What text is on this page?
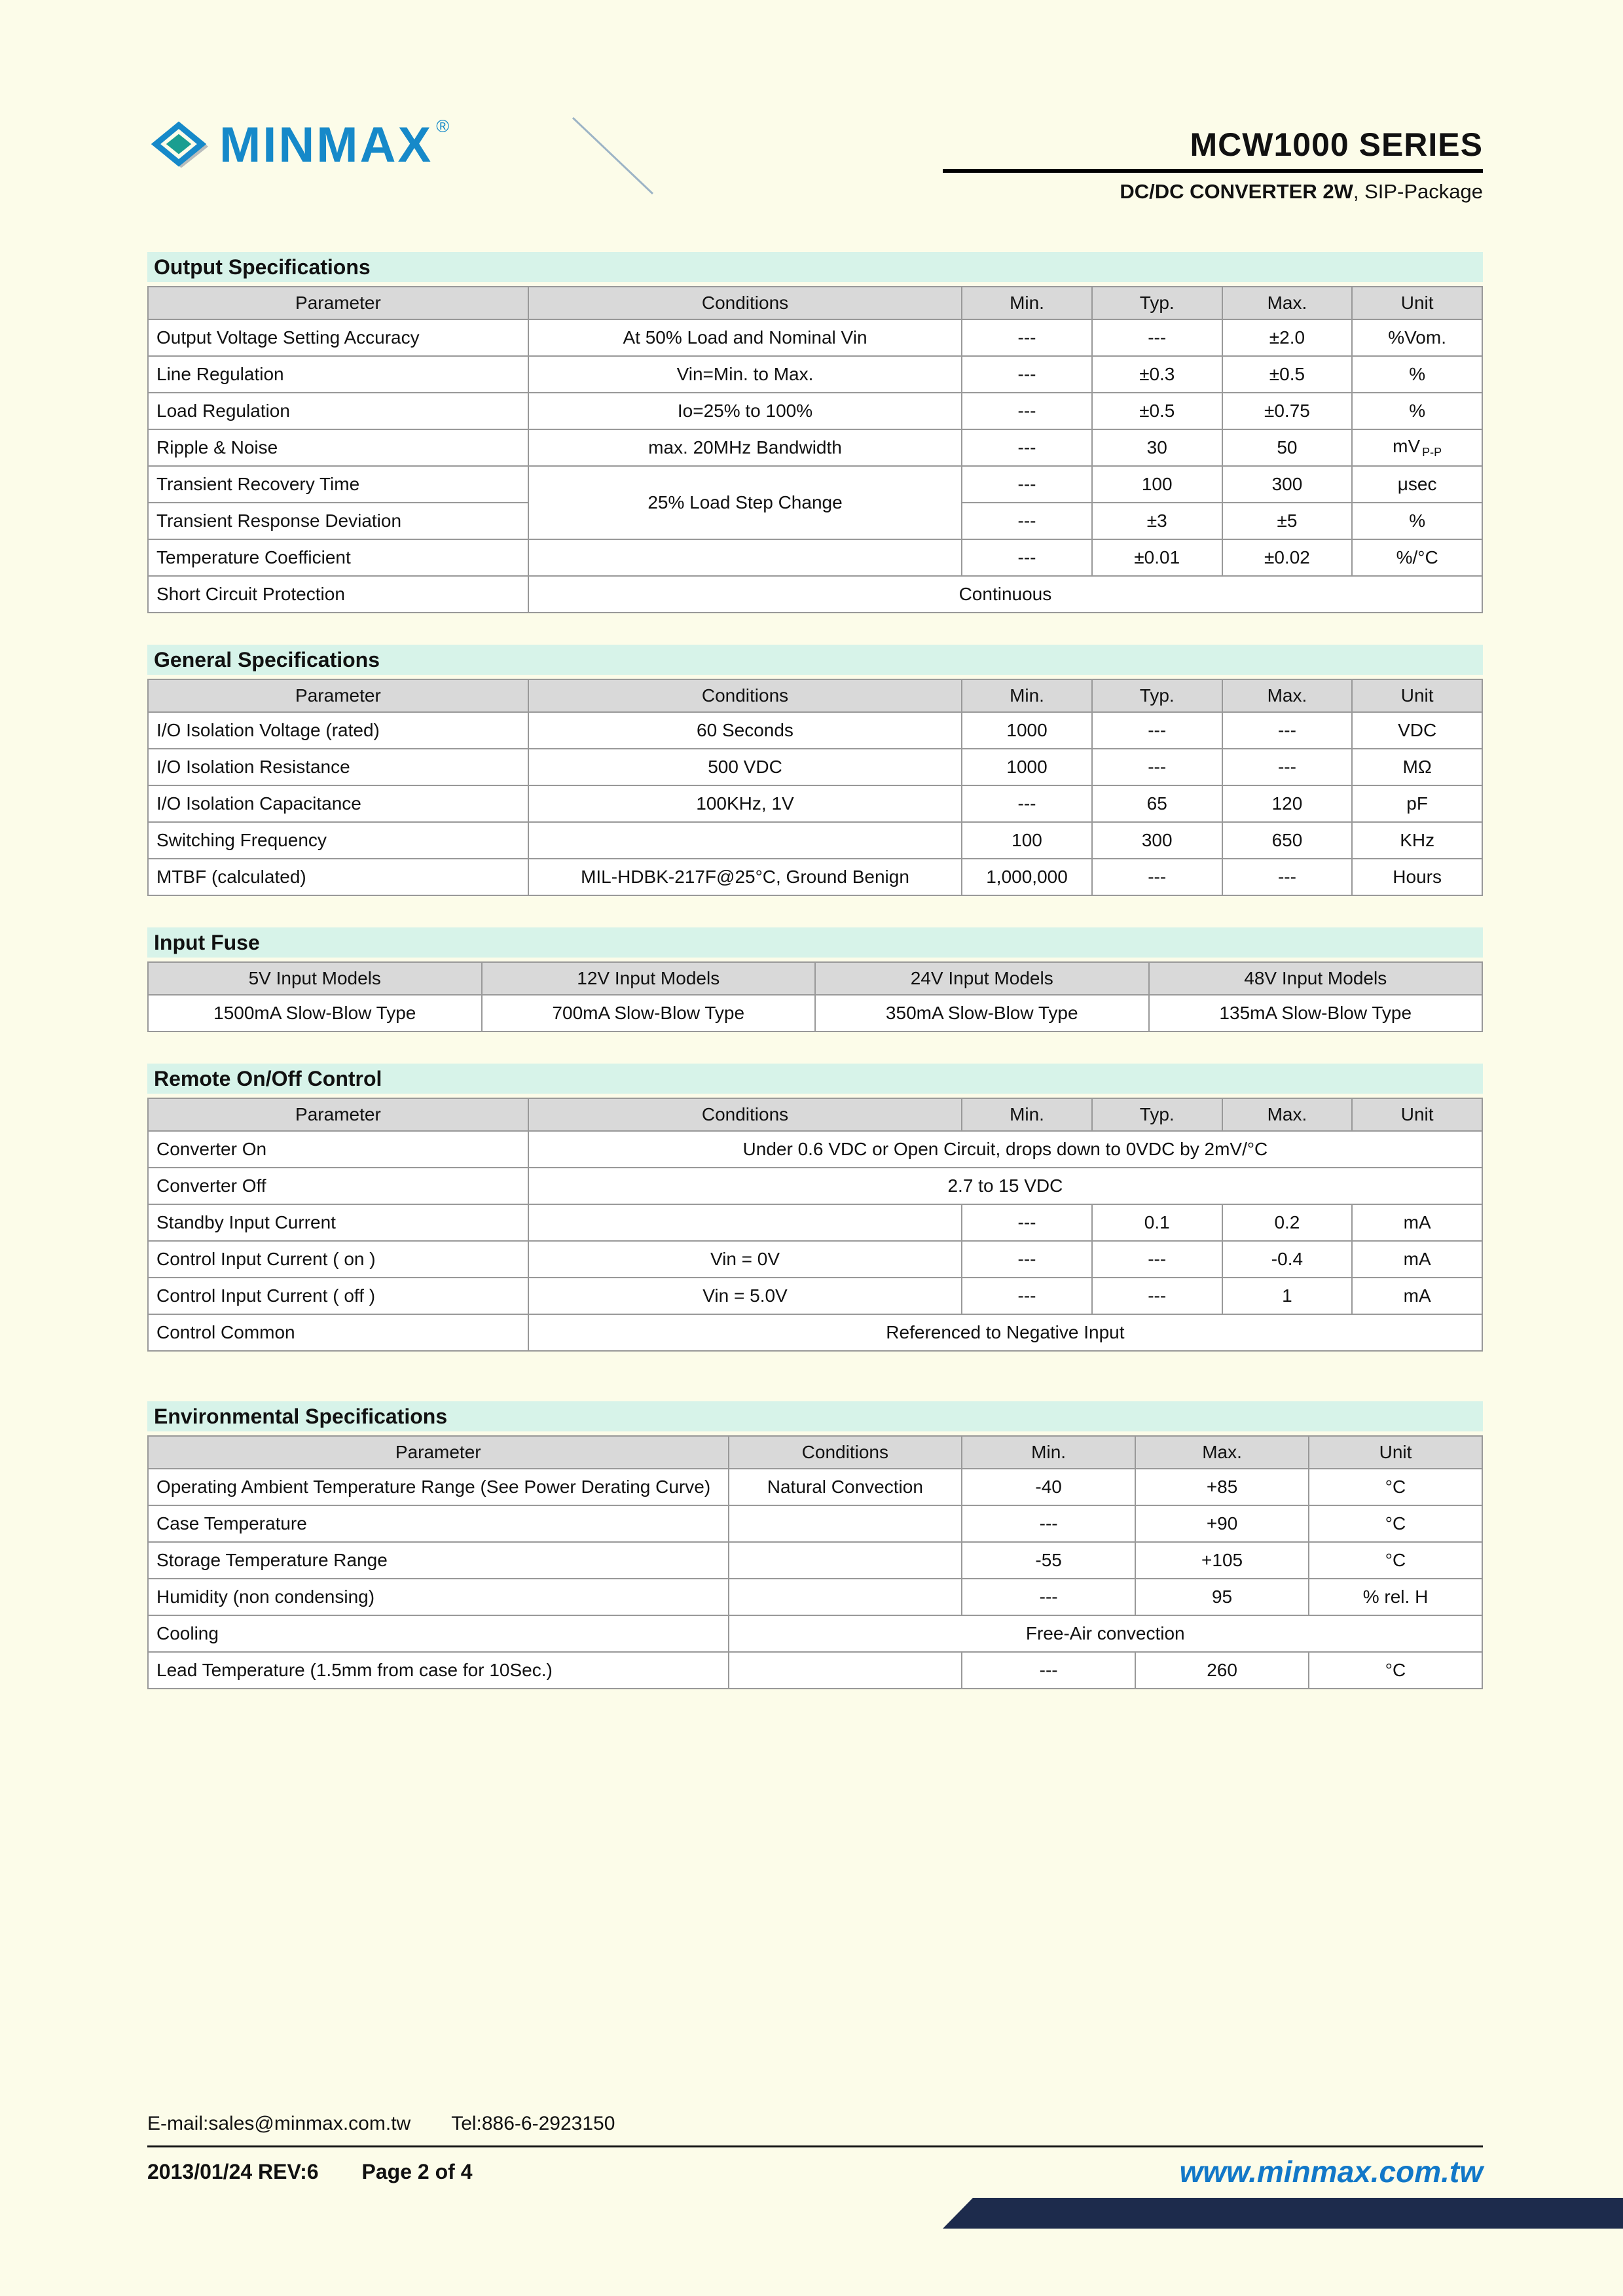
MINMAX ®	MCW1000 SERIES
DC/DC CONVERTER 2W, SIP-Package
Output Specifications
Parameter	Conditions	Min.	Typ.	Max.	Unit
Output Voltage Setting Accuracy	At 50% Load and Nominal Vin	---	---	±2.0	%Vom.
Line Regulation	Vin=Min. to Max.	---	±0.3	±0.5	%
Load Regulation	Io=25% to 100%	---	±0.5	±0.75	%
Ripple & Noise	max. 20MHz Bandwidth	---	30	50	mV $_{P-P}$
Transient Recovery Time	25% Load Step Change	---	100	300	μsec
Transient Response Deviation		---	±3	±5	%
Temperature Coefficient		---	±0.01	±0.02	%/°C
Short Circuit Protection	Continuous				
General Specifications
Parameter	Conditions	Min.	Typ.	Max.	Unit
I/O Isolation Voltage (rated)	60 Seconds	1000	---	---	VDC
I/O Isolation Resistance	500 VDC	1000	---	---	MΩ
I/O Isolation Capacitance	100KHz, 1V	---	65	120	pF
Switching Frequency		100	300	650	KHz
MTBF (calculated)	MIL-HDBK-217F@25°C, Ground Benign	1,000,000	---	---	Hours
Input Fuse
5V Input Models	12V Input Models	24V Input Models	48V Input Models
1500mA Slow-Blow Type	700mA Slow-Blow Type	350mA Slow-Blow Type	135mA Slow-Blow Type
Remote On/Off Control
Parameter	Conditions	Min.	Typ.	Max.	Unit
Converter On	Under 0.6 VDC or Open Circuit, drops down to 0VDC by 2mV/°C				
Converter Off	2.7 to 15 VDC				
Standby Input Current		---	0.1	0.2	mA
Control Input Current ( on )	Vin = 0V	---	---	-0.4	mA
Control Input Current ( off )	Vin = 5.0V	---	---	1	mA
Control Common	Referenced to Negative Input				
Environmental Specifications
Parameter	Conditions	Min.	Max.	Unit
Operating Ambient Temperature Range (See Power Derating Curve)	Natural Convection	-40	+85	°C
Case Temperature		---	+90	°C
Storage Temperature Range		-55	+105	°C
Humidity (non condensing)		---	95	% rel. H
Cooling	Free-Air convection			
Lead Temperature (1.5mm from case for 10Sec.)		---	260	°C
E-mail:sales@minmax.com.tw Tel:886-6-2923150
2013/01/24 REV:6 Page 2 of 4	www.minmax.com.tw
